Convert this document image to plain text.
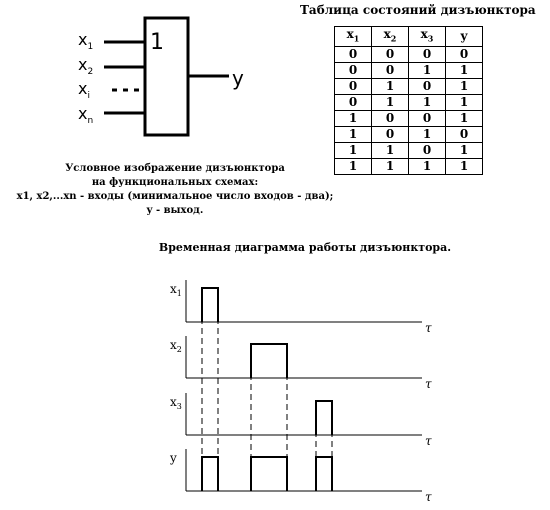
1
$x_1$
$x_2$
$x_i$
$x_n$
y
Таблица состояний дизъюнктора
$x_1$	$x_2$	$x_3$	y
0	0	0	0
0	0	1	1
0	1	0	1
0	1	1	1
1	0	0	1
1	0	1	0
1	1	0	1
1	1	1	1
Условное изображение дизъюнктора
на функциональных схемах:
x1, x2,...xn - входы (минимальное число входов - два);
y - выход.
Временная диаграмма работы дизъюнктора.
τ
$x_1$
τ
$x_2$
τ
$x_3$
τ
y
